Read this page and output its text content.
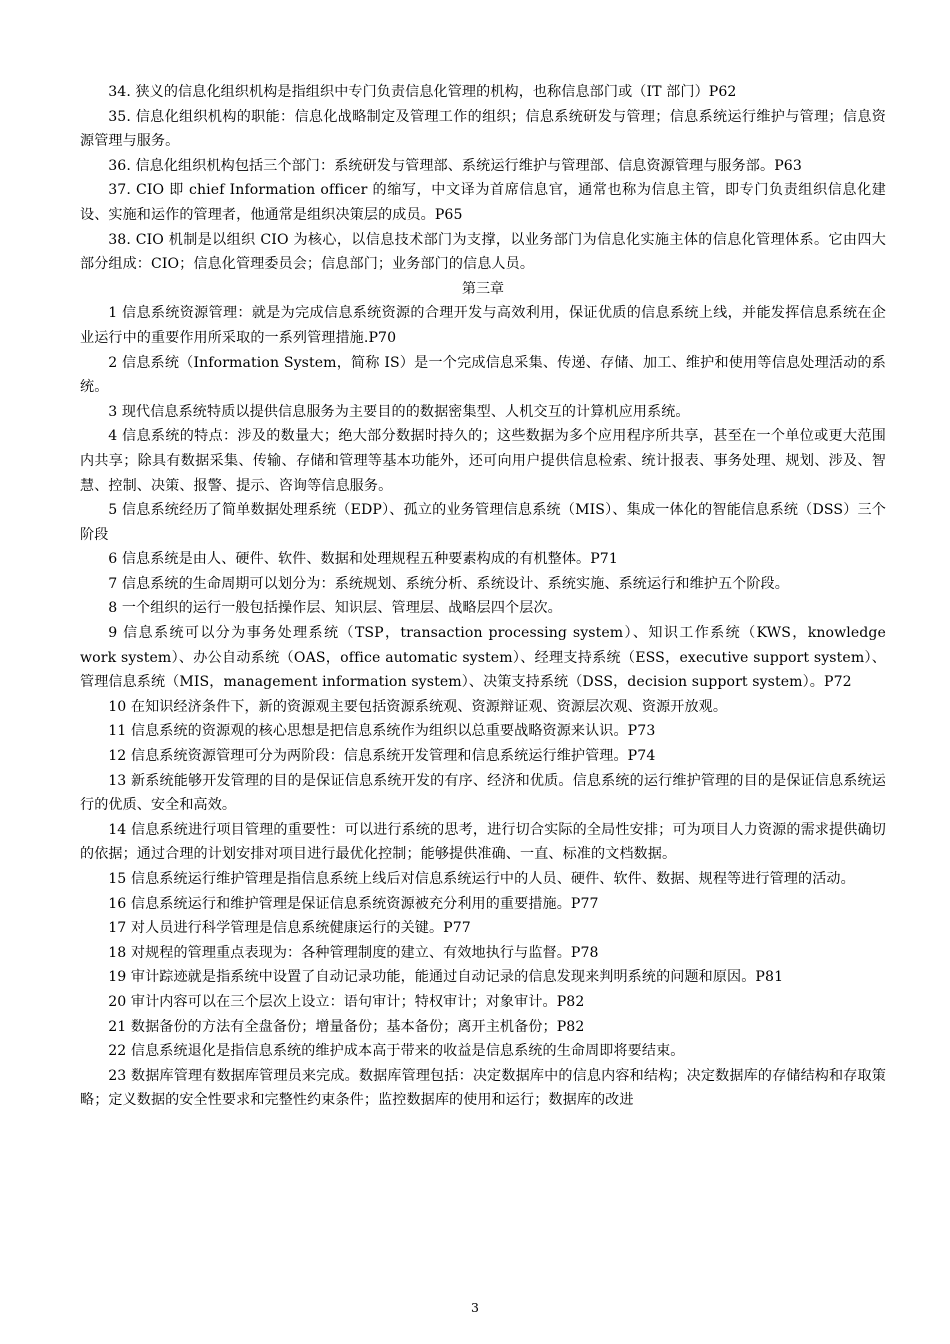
34. 狭义的信息化组织机构是指组织中专门负责信息化管理的机构，也称信息部门或（IT 部门）P62

35. 信息化组织机构的职能：信息化战略制定及管理工作的组织；信息系统研发与管理；信息系统运行维护与管理；信息资源管理与服务。

36. 信息化组织机构包括三个部门：系统研发与管理部、系统运行维护与管理部、信息资源管理与服务部。P63

37. CIO 即 chief Information officer 的缩写，中文译为首席信息官，通常也称为信息主管，即专门负责组织信息化建设、实施和运作的管理者，他通常是组织决策层的成员。P65

38. CIO 机制是以组织 CIO 为核心，以信息技术部门为支撑，以业务部门为信息化实施主体的信息化管理体系。它由四大部分组成：CIO；信息化管理委员会；信息部门；业务部门的信息人员。

第三章

1 信息系统资源管理：就是为完成信息系统资源的合理开发与高效利用，保证优质的信息系统上线，并能发挥信息系统在企业运行中的重要作用所采取的一系列管理措施.P70

2 信息系统（Information System，简称 IS）是一个完成信息采集、传递、存储、加工、维护和使用等信息处理活动的系统。

3 现代信息系统特质以提供信息服务为主要目的的数据密集型、人机交互的计算机应用系统。

4 信息系统的特点：涉及的数量大；绝大部分数据时持久的；这些数据为多个应用程序所共享，甚至在一个单位或更大范围内共享；除具有数据采集、传输、存储和管理等基本功能外，还可向用户提供信息检索、统计报表、事务处理、规划、涉及、智慧、控制、决策、报警、提示、咨询等信息服务。

5 信息系统经历了简单数据处理系统（EDP）、孤立的业务管理信息系统（MIS）、集成一体化的智能信息系统（DSS）三个阶段

6 信息系统是由人、硬件、软件、数据和处理规程五种要素构成的有机整体。P71

7 信息系统的生命周期可以划分为：系统规划、系统分析、系统设计、系统实施、系统运行和维护五个阶段。

8 一个组织的运行一般包括操作层、知识层、管理层、战略层四个层次。

9 信息系统可以分为事务处理系统（TSP，transaction processing system）、知识工作系统（KWS，knowledge work system）、办公自动系统（OAS，office automatic system）、经理支持系统（ESS，executive support system）、管理信息系统（MIS，management information system）、决策支持系统（DSS，decision support system）。P72

10 在知识经济条件下，新的资源观主要包括资源系统观、资源辩证观、资源层次观、资源开放观。

11 信息系统的资源观的核心思想是把信息系统作为组织以总重要战略资源来认识。P73

12 信息系统资源管理可分为两阶段：信息系统开发管理和信息系统运行维护管理。P74

13 新系统能够开发管理的目的是保证信息系统开发的有序、经济和优质。信息系统的运行维护管理的目的是保证信息系统运行的优质、安全和高效。

14 信息系统进行项目管理的重要性：可以进行系统的思考，进行切合实际的全局性安排；可为项目人力资源的需求提供确切的依据；通过合理的计划安排对项目进行最优化控制；能够提供准确、一直、标准的文档数据。

15 信息系统运行维护管理是指信息系统上线后对信息系统运行中的人员、硬件、软件、数据、规程等进行管理的活动。

16 信息系统运行和维护管理是保证信息系统资源被充分利用的重要措施。P77

17 对人员进行科学管理是信息系统健康运行的关键。P77

18 对规程的管理重点表现为：各种管理制度的建立、有效地执行与监督。P78

19 审计踪迹就是指系统中设置了自动记录功能，能通过自动记录的信息发现来判明系统的问题和原因。P81

20 审计内容可以在三个层次上设立：语句审计；特权审计；对象审计。P82

21 数据备份的方法有全盘备份；增量备份；基本备份；离开主机备份；P82

22 信息系统退化是指信息系统的维护成本高于带来的收益是信息系统的生命周即将要结束。

23 数据库管理有数据库管理员来完成。数据库管理包括：决定数据库中的信息内容和结构；决定数据库的存储结构和存取策略；定义数据的安全性要求和完整性约束条件；监控数据库的使用和运行；数据库的改进

3
